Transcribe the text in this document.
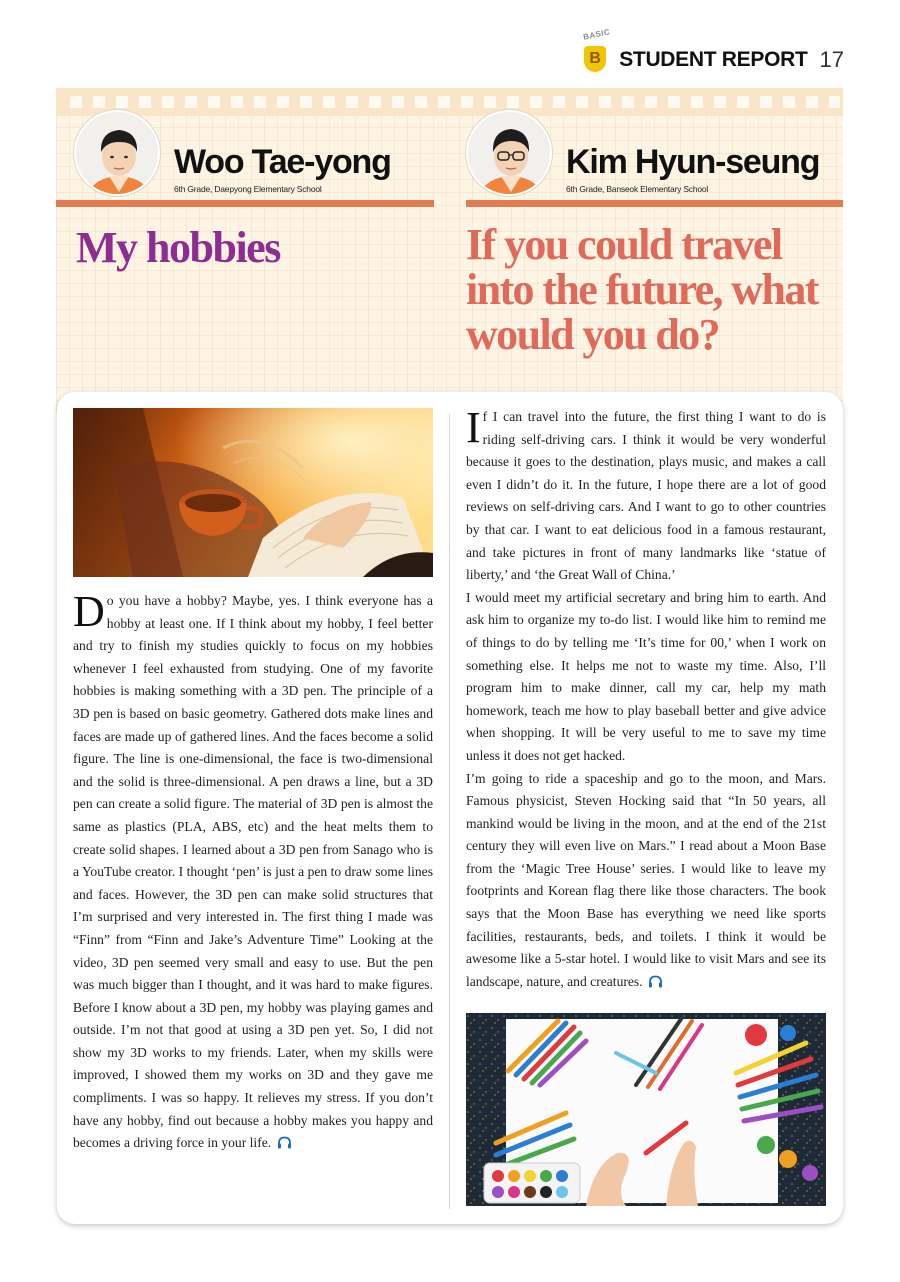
BASIC
B STUDENT REPORT 17
Woo Tae-yong
6th Grade, Daepyong Elementary School
Kim Hyun-seung
6th Grade, Banseok Elementary School
My hobbies	If you could travel into the future, what would you do?

Do you have a hobby? Maybe, yes. I think everyone has a hobby at least one. If I think about my hobby, I feel better and try to finish my studies quickly to focus on my hobbies whenever I feel exhausted from studying. One of my favorite hobbies is making something with a 3D pen. The principle of a 3D pen is based on basic geometry. Gathered dots make lines and faces are made up of gathered lines. And the faces become a solid figure. The line is one-dimensional, the face is two-dimensional and the solid is three-dimensional. A pen draws a line, but a 3D pen can create a solid figure. The material of 3D pen is almost the same as plastics (PLA, ABS, etc) and the heat melts them to create solid shapes. I learned about a 3D pen from Sanago who is a YouTube creator. I thought ‘pen’ is just a pen to draw some lines and faces. However, the 3D pen can make solid structures that I’m surprised and very interested in. The first thing I made was “Finn” from “Finn and Jake’s Adventure Time” Looking at the video, 3D pen seemed very small and easy to use. But the pen was much bigger than I thought, and it was hard to make figures. Before I know about a 3D pen, my hobby was playing games and outside. I’m not that good at using a 3D pen yet. So, I did not show my 3D works to my friends. Later, when my skills were improved, I showed them my works on 3D and they gave me compliments. I was so happy. It relieves my stress. If you don’t have any hobby, find out because a hobby makes you happy and becomes a driving force in your life.

If I can travel into the future, the first thing I want to do is riding self-driving cars. I think it would be very wonderful because it goes to the destination, plays music, and makes a call even I didn’t do it. In the future, I hope there are a lot of good reviews on self-driving cars. And I want to go to other countries by that car. I want to eat delicious food in a famous restaurant, and take pictures in front of many landmarks like ‘statue of liberty,’ and ‘the Great Wall of China.’

I would meet my artificial secretary and bring him to earth. And ask him to organize my to-do list. I would like him to remind me of things to do by telling me ‘It’s time for 00,’ when I work on something else. It helps me not to waste my time. Also, I’ll program him to make dinner, call my car, help my math homework, teach me how to play baseball better and give advice when shopping. It will be very useful to me to save my time unless it does not get hacked.

I’m going to ride a spaceship and go to the moon, and Mars. Famous physicist, Steven Hocking said that “In 50 years, all mankind would be living in the moon, and at the end of the 21st century they will even live on Mars.” I read about a Moon Base from the ‘Magic Tree House’ series. I would like to leave my footprints and Korean flag there like those characters. The book says that the Moon Base has everything we need like sports facilities, restaurants, beds, and toilets. I think it would be awesome like a 5-star hotel. I would like to visit Mars and see its landscape, nature, and creatures.
